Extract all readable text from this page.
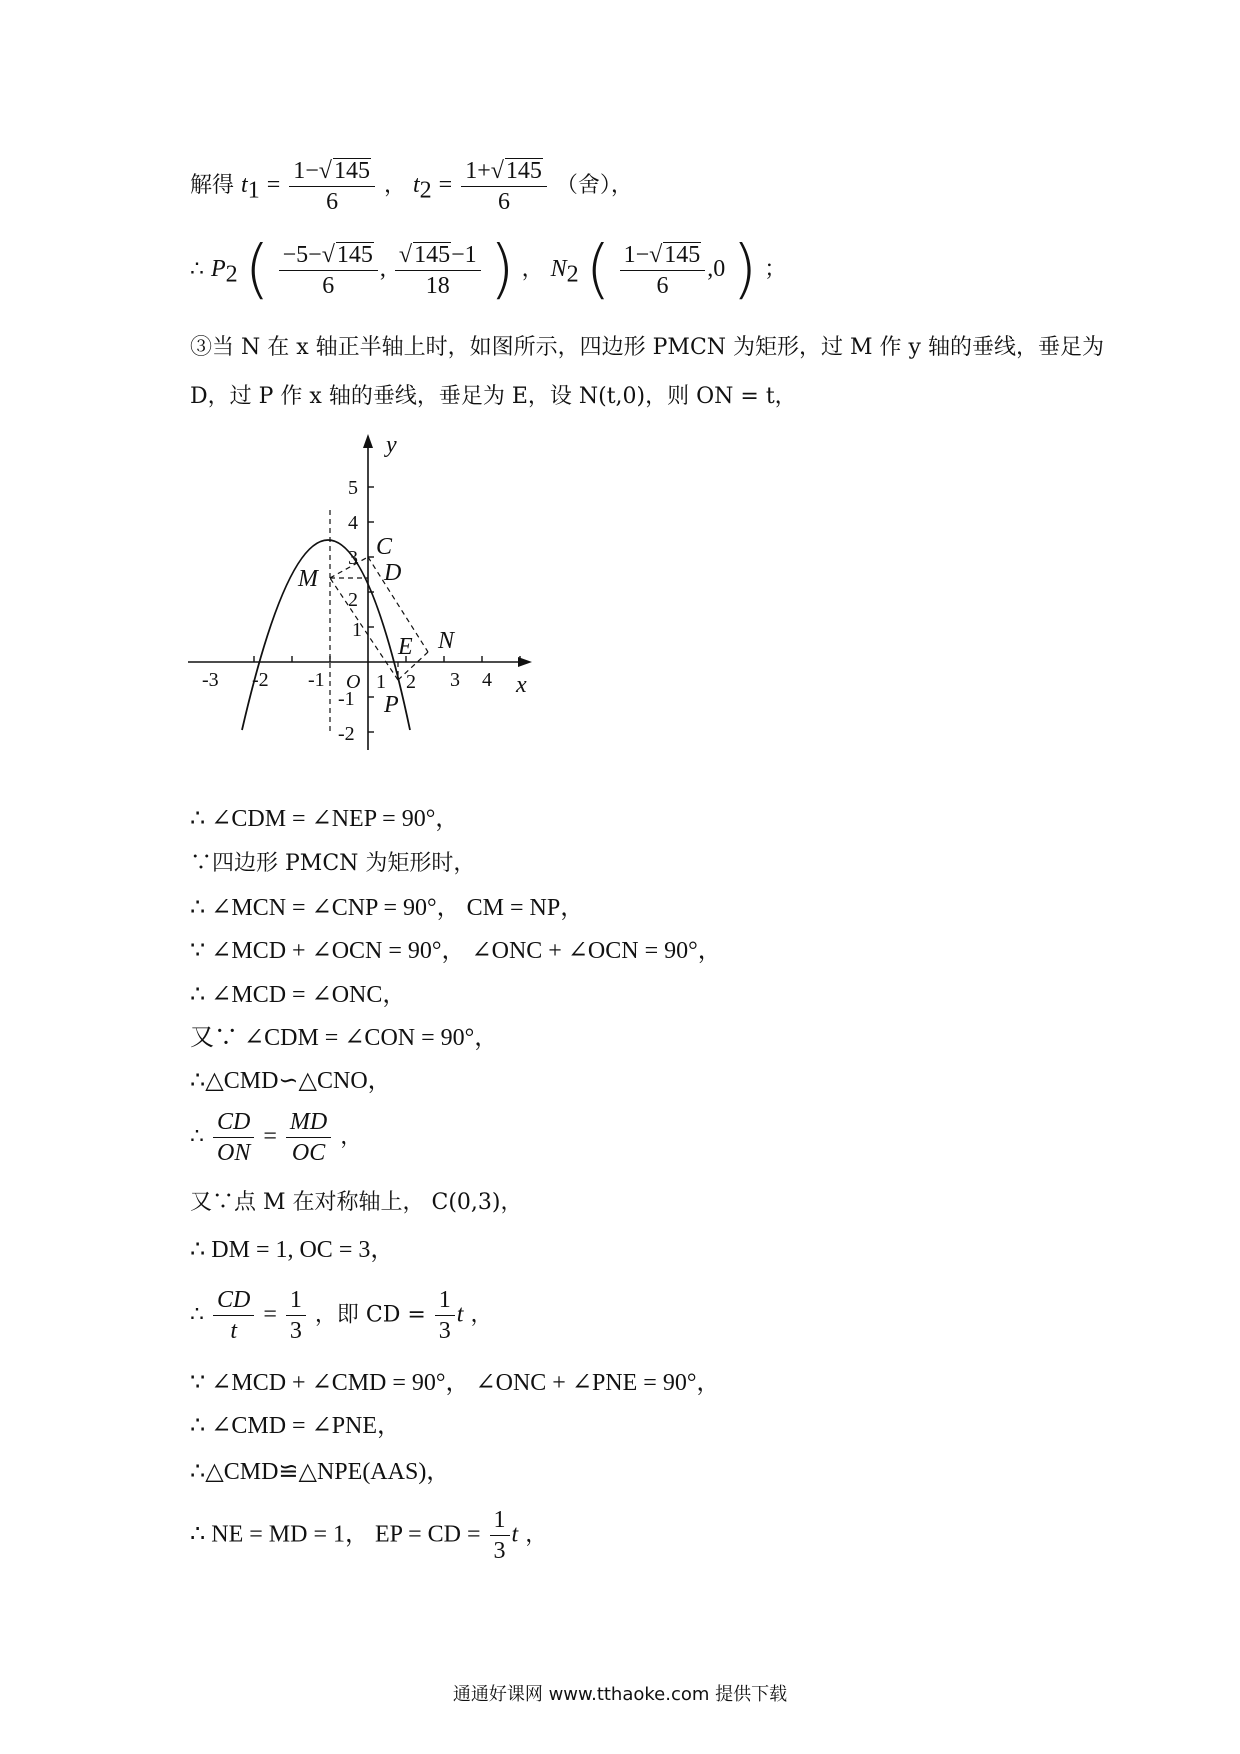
解得 $t_1 = \frac{1-√145}{6}$ ， $t_2 = \frac{1+√145}{6}$ （舍），
∴ $P_2$ ( $\frac{-5-√145}{6}$ , $\frac{√145-1}{18}$ ) ， $N_2$ ( $\frac{1-√145}{6} ,0$ ) ；
③当 N 在 x 轴正半轴上时，如图所示，四边形 PMCN 为矩形，过 M 作 y 轴的垂线，垂足为
D，过 P 作 x 轴的垂线，垂足为 E，设 N(t,0)，则 ON = t，
-3 -2 -1 O 1 2 3 4
5
4
3
2
1
-1
-2
y
x
C
D
M
E N
P
∴ ∠CDM = ∠NEP = 90°，
∵四边形 PMCN 为矩形时，
∴ ∠MCN = ∠CNP = 90°， CM = NP，
∵ ∠MCD + ∠OCN = 90°， ∠ONC + ∠OCN = 90°，
∴ ∠MCD = ∠ONC，
又∵ ∠CDM = ∠CON = 90°，
∴△CMD∽△CNO，
∴ $\frac{CD}{ON} = \frac{MD}{OC}$ ，
又∵点 M 在对称轴上， C(0,3)，
∴ DM = 1, OC = 3，
∴ $\frac{CD}{t} = \frac{1}{3}$ ，即 CD = $\frac{1}{3}$ t ，
∵ ∠MCD + ∠CMD = 90°， ∠ONC + ∠PNE = 90°，
∴ ∠CMD = ∠PNE，
∴△CMD≌△NPE(AAS)，
∴ NE = MD = 1， EP = CD = $\frac{1}{3}$ t ，
通通好课网 www.tthaoke.com 提供下载
